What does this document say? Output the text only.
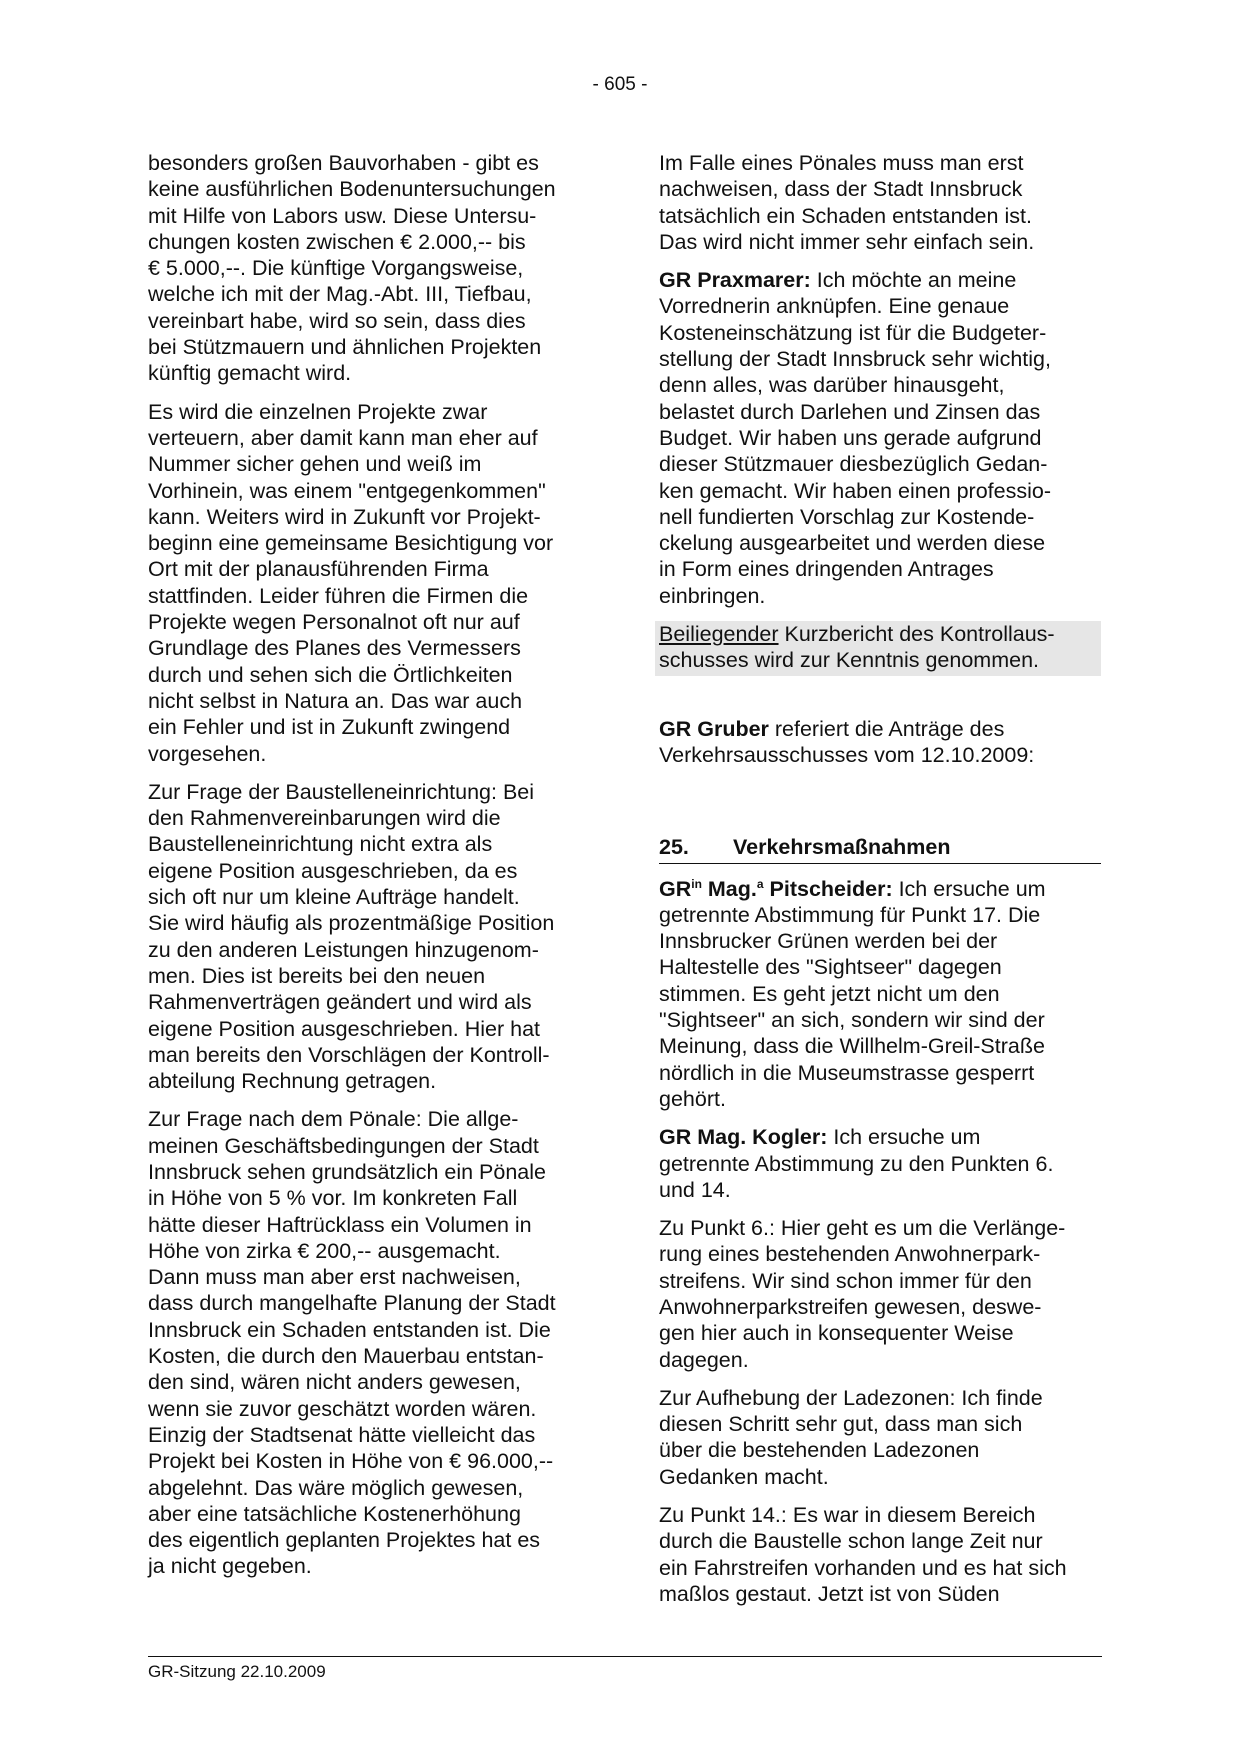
- 605 -

besonders großen Bauvorhaben - gibt es
keine ausführlichen Bodenuntersuchungen
mit Hilfe von Labors usw. Diese Untersu-
chungen kosten zwischen € 2.000,-- bis
€ 5.000,--. Die künftige Vorgangsweise,
welche ich mit der Mag.-Abt. III, Tiefbau,
vereinbart habe, wird so sein, dass dies
bei Stützmauern und ähnlichen Projekten
künftig gemacht wird.

Es wird die einzelnen Projekte zwar
verteuern, aber damit kann man eher auf
Nummer sicher gehen und weiß im
Vorhinein, was einem "entgegenkommen"
kann. Weiters wird in Zukunft vor Projekt-
beginn eine gemeinsame Besichtigung vor
Ort mit der planausführenden Firma
stattfinden. Leider führen die Firmen die
Projekte wegen Personalnot oft nur auf
Grundlage des Planes des Vermessers
durch und sehen sich die Örtlichkeiten
nicht selbst in Natura an. Das war auch
ein Fehler und ist in Zukunft zwingend
vorgesehen.

Zur Frage der Baustelleneinrichtung: Bei
den Rahmenvereinbarungen wird die
Baustelleneinrichtung nicht extra als
eigene Position ausgeschrieben, da es
sich oft nur um kleine Aufträge handelt.
Sie wird häufig als prozentmäßige Position
zu den anderen Leistungen hinzugenom-
men. Dies ist bereits bei den neuen
Rahmenverträgen geändert und wird als
eigene Position ausgeschrieben. Hier hat
man bereits den Vorschlägen der Kontroll-
abteilung Rechnung getragen.

Zur Frage nach dem Pönale: Die allge-
meinen Geschäftsbedingungen der Stadt
Innsbruck sehen grundsätzlich ein Pönale
in Höhe von 5 % vor. Im konkreten Fall
hätte dieser Haftrücklass ein Volumen in
Höhe von zirka € 200,-- ausgemacht.
Dann muss man aber erst nachweisen,
dass durch mangelhafte Planung der Stadt
Innsbruck ein Schaden entstanden ist. Die
Kosten, die durch den Mauerbau entstan-
den sind, wären nicht anders gewesen,
wenn sie zuvor geschätzt worden wären.
Einzig der Stadtsenat hätte vielleicht das
Projekt bei Kosten in Höhe von € 96.000,--
abgelehnt. Das wäre möglich gewesen,
aber eine tatsächliche Kostenerhöhung
des eigentlich geplanten Projektes hat es
ja nicht gegeben.

Im Falle eines Pönales muss man erst
nachweisen, dass der Stadt Innsbruck
tatsächlich ein Schaden entstanden ist.
Das wird nicht immer sehr einfach sein.

GR Praxmarer: Ich möchte an meine
Vorrednerin anknüpfen. Eine genaue
Kosteneinschätzung ist für die Budgeter-
stellung der Stadt Innsbruck sehr wichtig,
denn alles, was darüber hinausgeht,
belastet durch Darlehen und Zinsen das
Budget. Wir haben uns gerade aufgrund
dieser Stützmauer diesbezüglich Gedan-
ken gemacht. Wir haben einen professio-
nell fundierten Vorschlag zur Kostende-
ckelung ausgearbeitet und werden diese
in Form eines dringenden Antrages
einbringen.

Beiliegender Kurzbericht des Kontrollaus-
schusses wird zur Kenntnis genommen.

GR Gruber referiert die Anträge des
Verkehrsausschusses vom 12.10.2009:

25.	Verkehrsmaßnahmen

$GR^{in}$ Mag.$^a$ Pitscheider: Ich ersuche um
getrennte Abstimmung für Punkt 17. Die
Innsbrucker Grünen werden bei der
Haltestelle des "Sightseer" dagegen
stimmen. Es geht jetzt nicht um den
"Sightseer" an sich, sondern wir sind der
Meinung, dass die Willhelm-Greil-Straße
nördlich in die Museumstrasse gesperrt
gehört.

GR Mag. Kogler: Ich ersuche um
getrennte Abstimmung zu den Punkten 6.
und 14.

Zu Punkt 6.: Hier geht es um die Verlänge-
rung eines bestehenden Anwohnerpark-
streifens. Wir sind schon immer für den
Anwohnerparkstreifen gewesen, deswe-
gen hier auch in konsequenter Weise
dagegen.

Zur Aufhebung der Ladezonen: Ich finde
diesen Schritt sehr gut, dass man sich
über die bestehenden Ladezonen
Gedanken macht.

Zu Punkt 14.: Es war in diesem Bereich
durch die Baustelle schon lange Zeit nur
ein Fahrstreifen vorhanden und es hat sich
maßlos gestaut. Jetzt ist von Süden

GR-Sitzung 22.10.2009
